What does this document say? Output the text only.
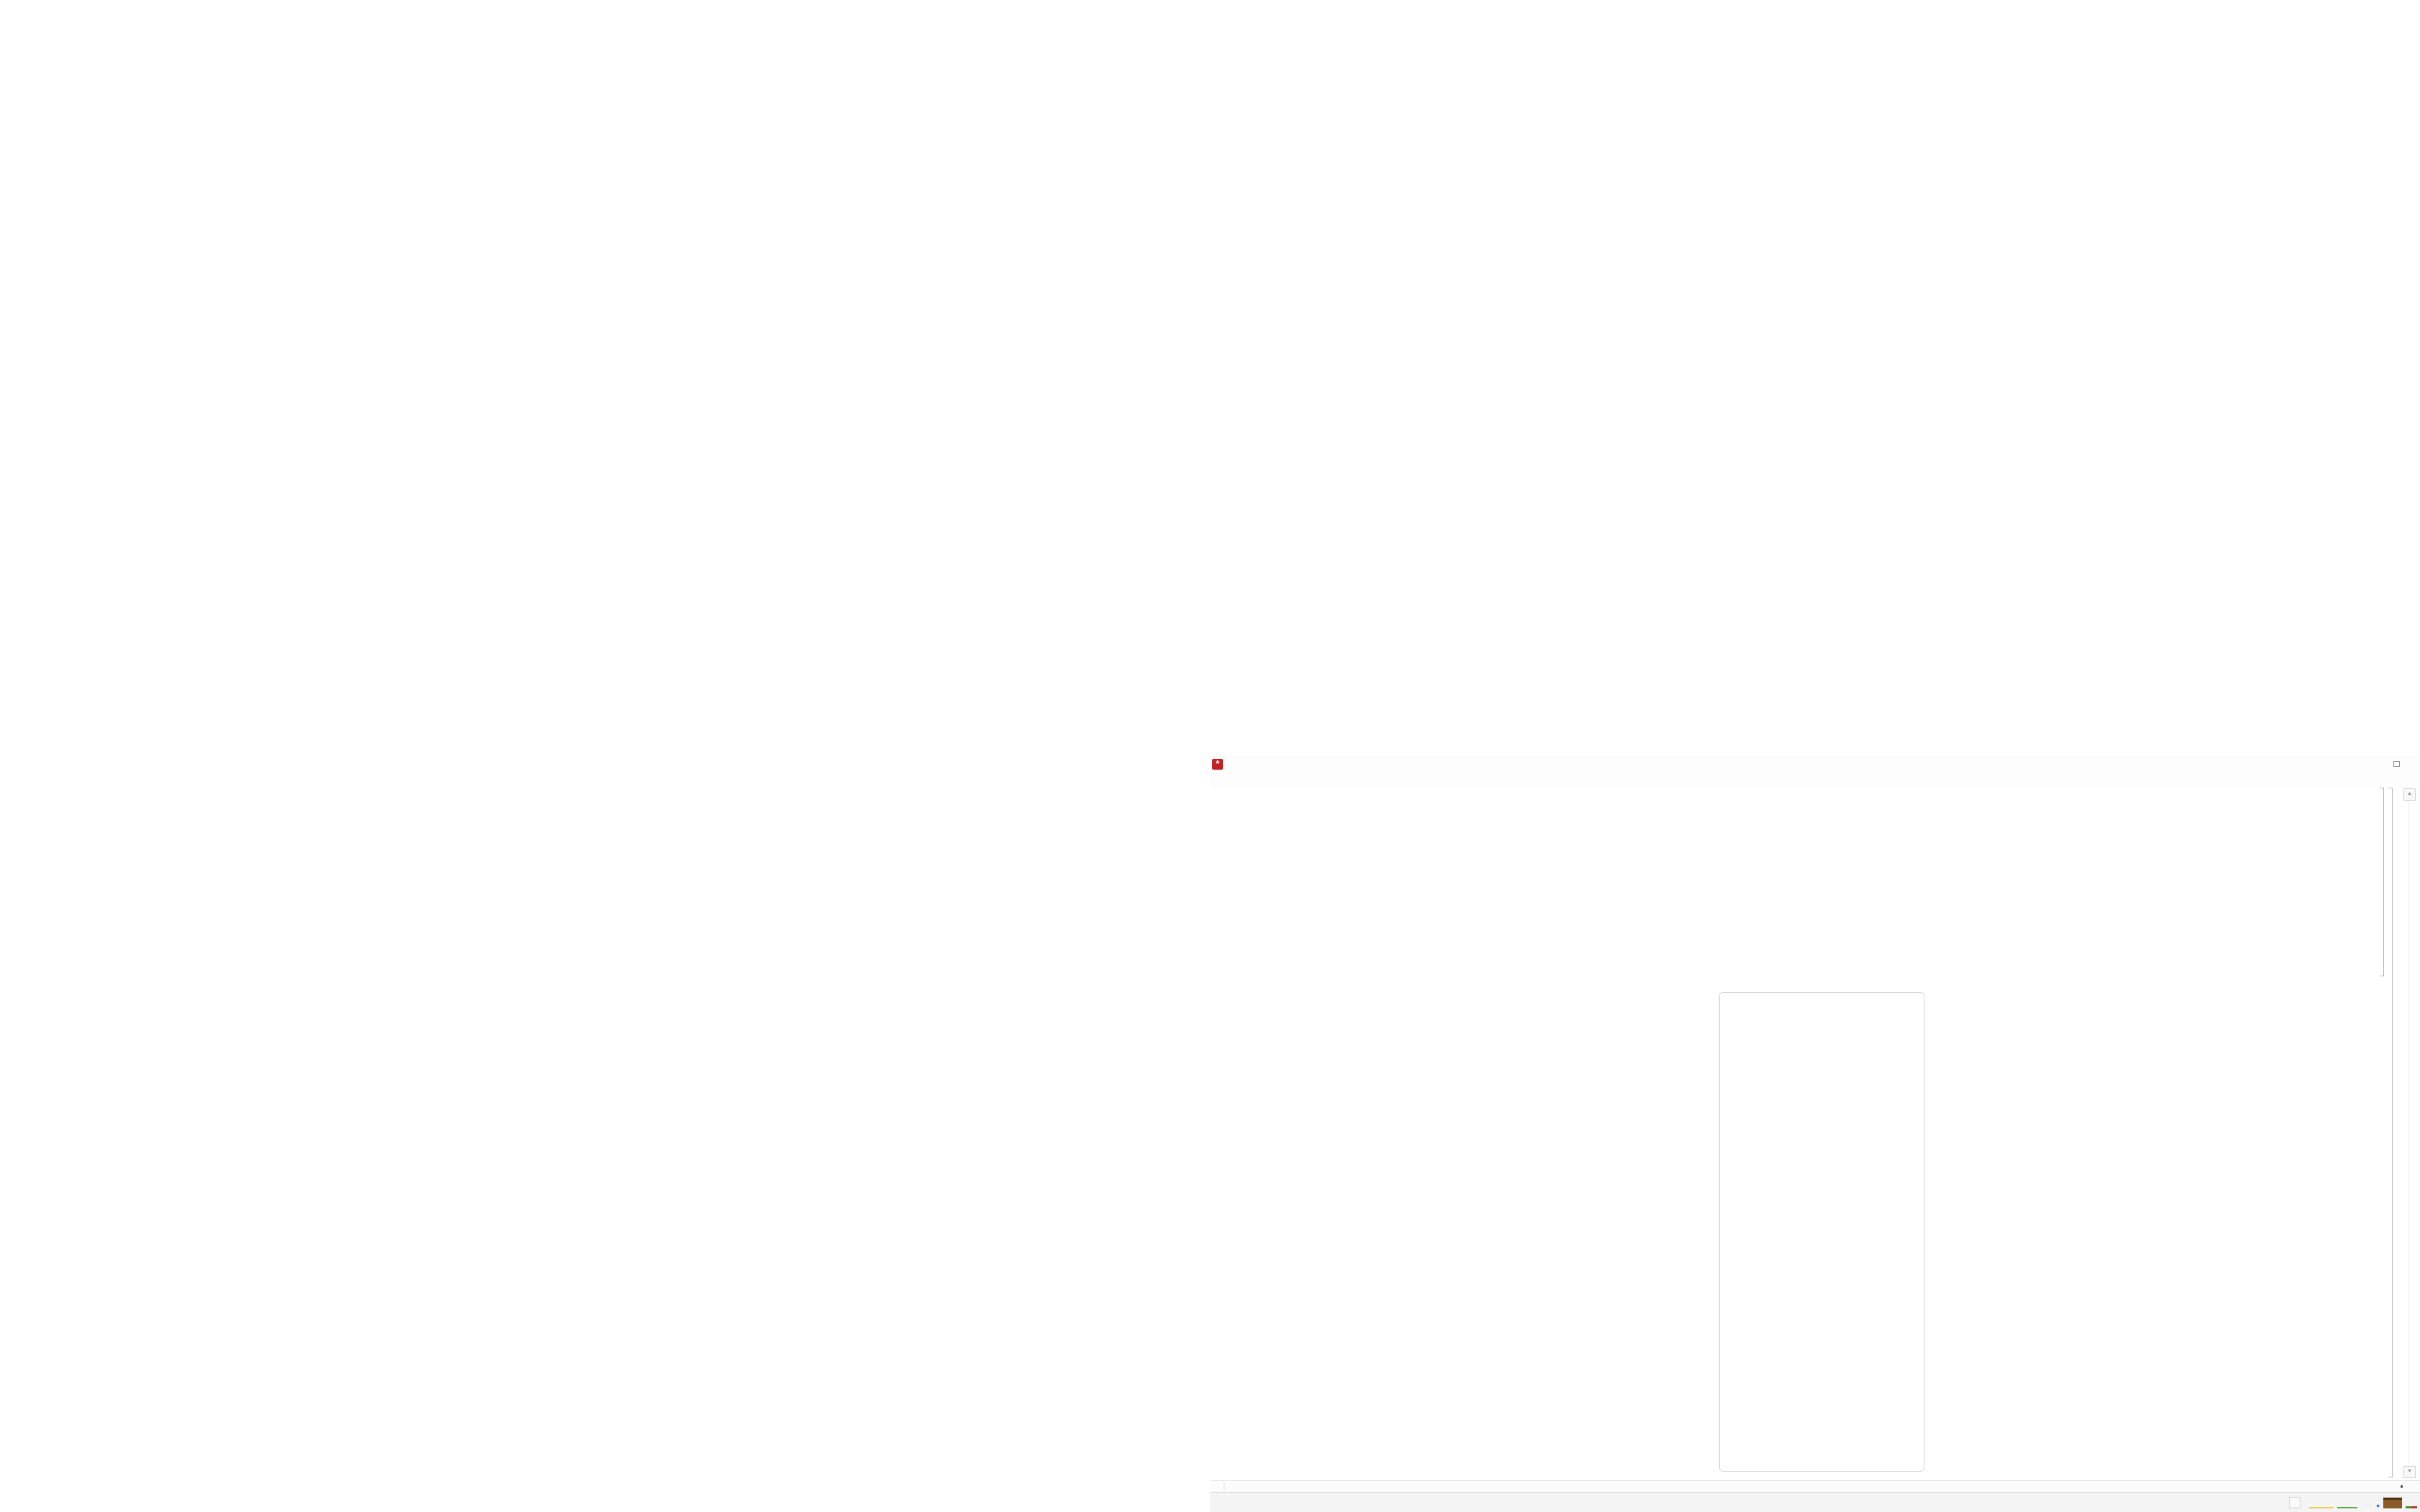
*
▲
▼
▲
···· ◆
